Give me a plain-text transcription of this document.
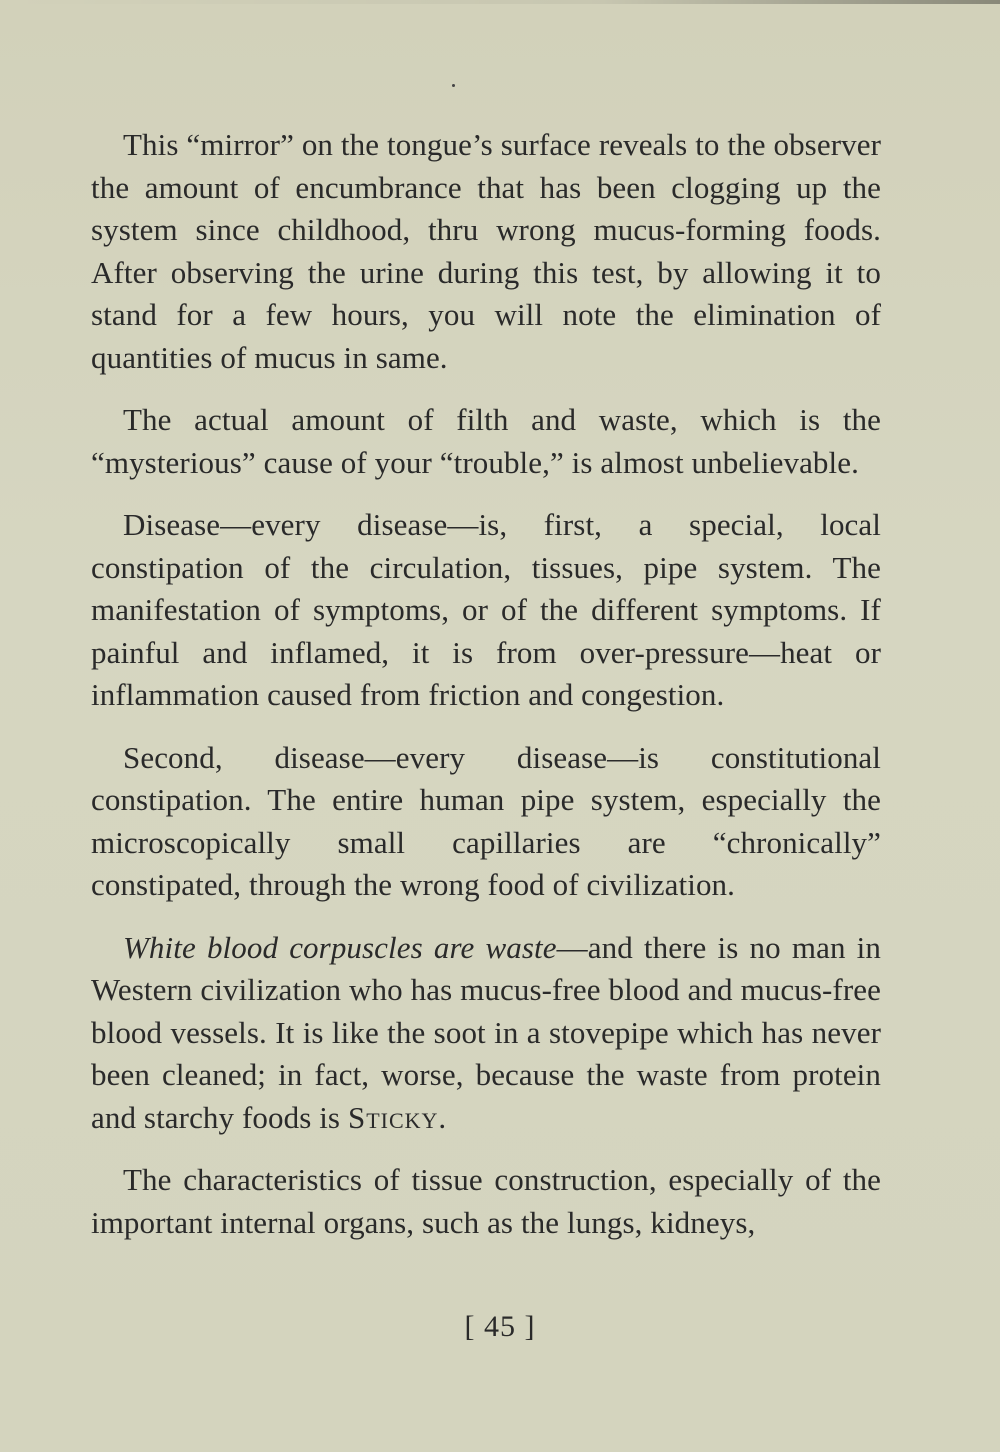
This “mirror” on the tongue’s surface reveals to the observer the amount of encumbrance that has been clogging up the system since childhood, thru wrong mucus-forming foods. After observing the urine during this test, by allowing it to stand for a few hours, you will note the elimination of quantities of mucus in same.

The actual amount of filth and waste, which is the “mysterious” cause of your “trouble,” is almost unbelievable.

Disease—every disease—is, first, a special, local constipation of the circulation, tissues, pipe system. The manifestation of symptoms, or of the different symptoms. If painful and inflamed, it is from over-pressure—heat or inflammation caused from friction and congestion.

Second, disease—every disease—is constitutional constipation. The entire human pipe system, especially the microscopically small capillaries are “chronically” constipated, through the wrong food of civilization.

White blood corpuscles are waste—and there is no man in Western civilization who has mucus-free blood and mucus-free blood vessels. It is like the soot in a stovepipe which has never been cleaned; in fact, worse, because the waste from protein and starchy foods is Sticky.

The characteristics of tissue construction, especially of the important internal organs, such as the lungs, kidneys,

[ 45 ]
